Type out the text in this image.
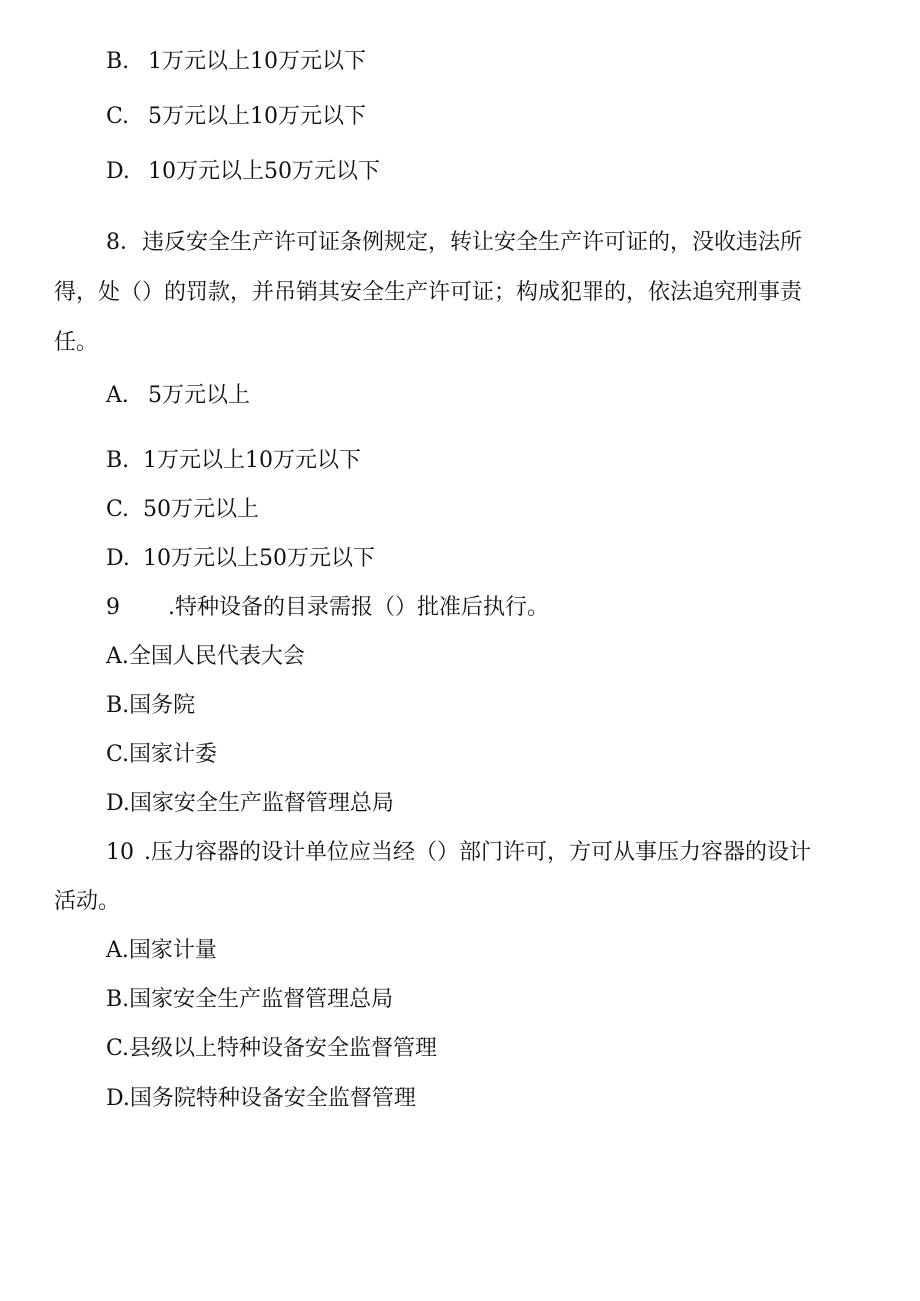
B. 1万元以上10万元以下
C. 5万元以上10万元以下
D. 10万元以上50万元以下
8．违反安全生产许可证条例规定，转让安全生产许可证的，没收违法所
得，处（）的罚款，并吊销其安全生产许可证；构成犯罪的，依法追究刑事责
任。
A. 5万元以上
B. 1万元以上10万元以下
C. 50万元以上
D. 10万元以上50万元以下
9 .特种设备的目录需报（）批准后执行。
A.全国人民代表大会
B.国务院
C.国家计委
D.国家安全生产监督管理总局
10 .压力容器的设计单位应当经（）部门许可，方可从事压力容器的设计
活动。
A.国家计量
B.国家安全生产监督管理总局
C.县级以上特种设备安全监督管理
D.国务院特种设备安全监督管理
